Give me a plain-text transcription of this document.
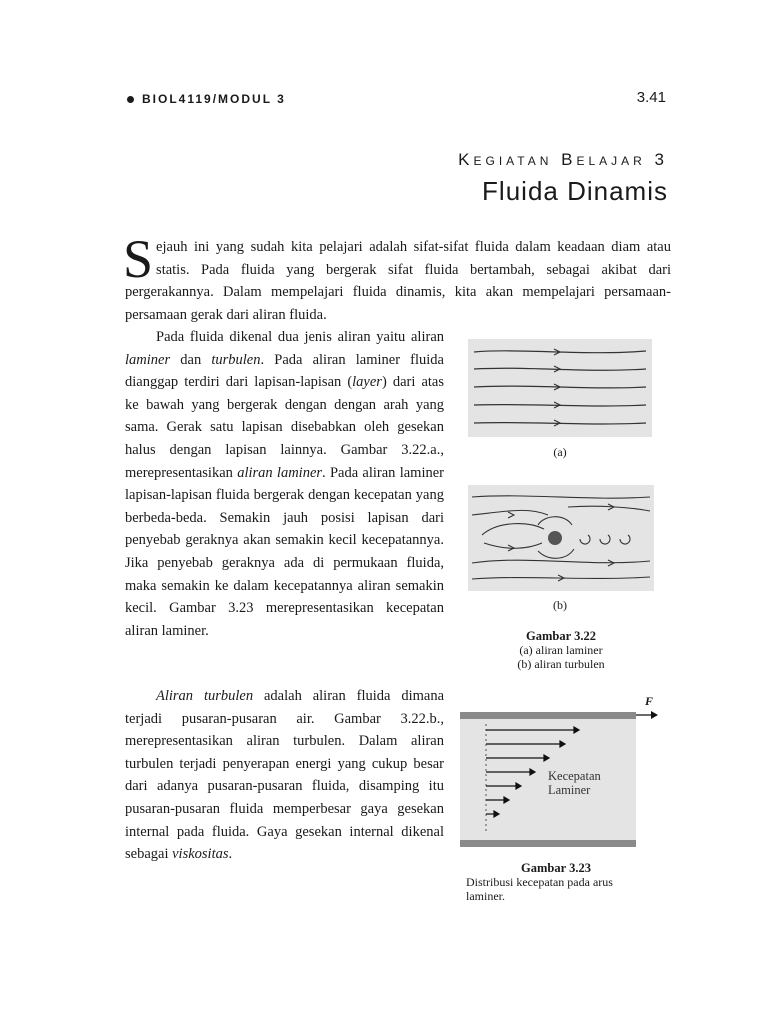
BIOL4119/MODUL 3	3.41
Kegiatan Belajar 3
Fluida Dinamis

Sejauh ini yang sudah kita pelajari adalah sifat-sifat fluida dalam keadaan diam atau statis. Pada fluida yang bergerak sifat fluida bertambah, sebagai akibat dari pergerakannya. Dalam mempelajari fluida dinamis, kita akan mempelajari persamaan-persamaan gerak dari aliran fluida.

Pada fluida dikenal dua jenis aliran yaitu aliran laminer dan turbulen. Pada aliran laminer fluida dianggap terdiri dari lapisan-lapisan (layer) dari atas ke bawah yang bergerak dengan dengan arah yang sama. Gerak satu lapisan disebabkan oleh gesekan halus dengan lapisan lainnya. Gambar 3.22.a., merepresentasikan aliran laminer. Pada aliran laminer lapisan-lapisan fluida bergerak dengan kecepatan yang berbeda-beda. Semakin jauh posisi lapisan dari penyebab geraknya akan semakin kecil kecepatannya. Jika penyebab geraknya ada di permukaan fluida, maka semakin ke dalam kecepatannya aliran semakin kecil. Gambar 3.23 merepresentasikan kecepatan aliran laminer.

Aliran turbulen adalah aliran fluida dimana terjadi pusaran-pusaran air. Gambar 3.22.b., merepresentasikan aliran turbulen. Dalam aliran turbulen terjadi penyerapan energi yang cukup besar dari adanya pusaran-pusaran fluida, disamping itu pusaran-pusaran fluida memperbesar gaya gesekan internal pada fluida. Gaya gesekan internal dikenal sebagai viskositas.

(a)
(b)
Gambar 3.22
(a) aliran laminer
(b) aliran turbulen
F
Kecepatan
Laminer
Gambar 3.23
Distribusi kecepatan pada arus
laminer.
